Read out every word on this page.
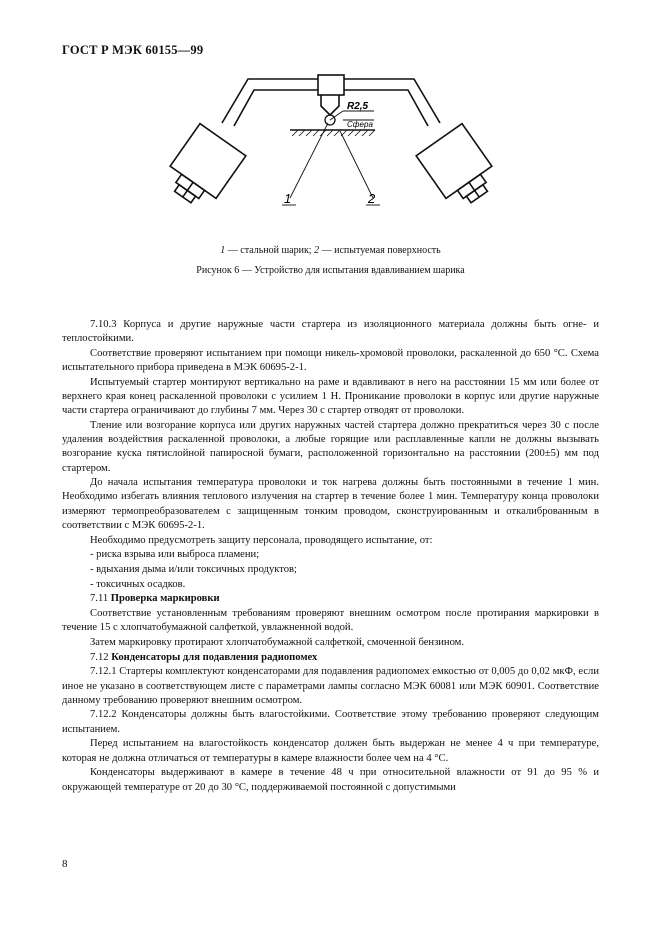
ГОСТ Р МЭК 60155—99
R2,5
Сфера
1	2
1 — стальной шарик; 2 — испытуемая поверхность
Рисунок 6 — Устройство для испытания вдавливанием шарика

7.10.3 Корпуса и другие наружные части стартера из изоляционного материала должны быть огне- и теплостойкими.

Соответствие проверяют испытанием при помощи никель-хромовой проволоки, раскаленной до 650 °С. Схема испытательного прибора приведена в МЭК 60695-2-1.

Испытуемый стартер монтируют вертикально на раме и вдавливают в него на расстоянии 15 мм или более от верхнего края конец раскаленной проволоки с усилием 1 Н. Проникание проволоки в корпус или другие наружные части стартера ограничивают до глубины 7 мм. Через 30 с стартер отводят от проволоки.

Тление или возгорание корпуса или других наружных частей стартера должно прекратиться через 30 с после удаления воздействия раскаленной проволоки, а любые горящие или расплавленные капли не должны вызывать возгорание куска пятислойной папиросной бумаги, расположенной горизонтально на расстоянии (200±5) мм под стартером.

До начала испытания температура проволоки и ток нагрева должны быть постоянными в течение 1 мин. Необходимо избегать влияния теплового излучения на стартер в течение более 1 мин. Температуру конца проволоки измеряют термопреобразователем с защищенным тонким проводом, сконструированным и откалиброванным в соответствии с МЭК 60695-2-1.

Необходимо предусмотреть защиту персонала, проводящего испытание, от:

- риска взрыва или выброса пламени;

- вдыхания дыма и/или токсичных продуктов;

- токсичных осадков.

7.11 Проверка маркировки

Соответствие установленным требованиям проверяют внешним осмотром после протирания маркировки в течение 15 с хлопчатобумажной салфеткой, увлажненной водой.

Затем маркировку протирают хлопчатобумажной салфеткой, смоченной бензином.

7.12 Конденсаторы для подавления радиопомех

7.12.1 Стартеры комплектуют конденсаторами для подавления радиопомех емкостью от 0,005 до 0,02 мкФ, если иное не указано в соответствующем листе с параметрами лампы согласно МЭК 60081 или МЭК 60901. Соответствие данному требованию проверяют внешним осмотром.

7.12.2 Конденсаторы должны быть влагостойкими. Соответствие этому требованию проверяют следующим испытанием.

Перед испытанием на влагостойкость конденсатор должен быть выдержан не менее 4 ч при температуре, которая не должна отличаться от температуры в камере влажности более чем на 4 °С.

Конденсаторы выдерживают в камере в течение 48 ч при относительной влажности от 91 до 95 % и окружающей температуре от 20 до 30 °С, поддерживаемой постоянной с допустимыми

8
